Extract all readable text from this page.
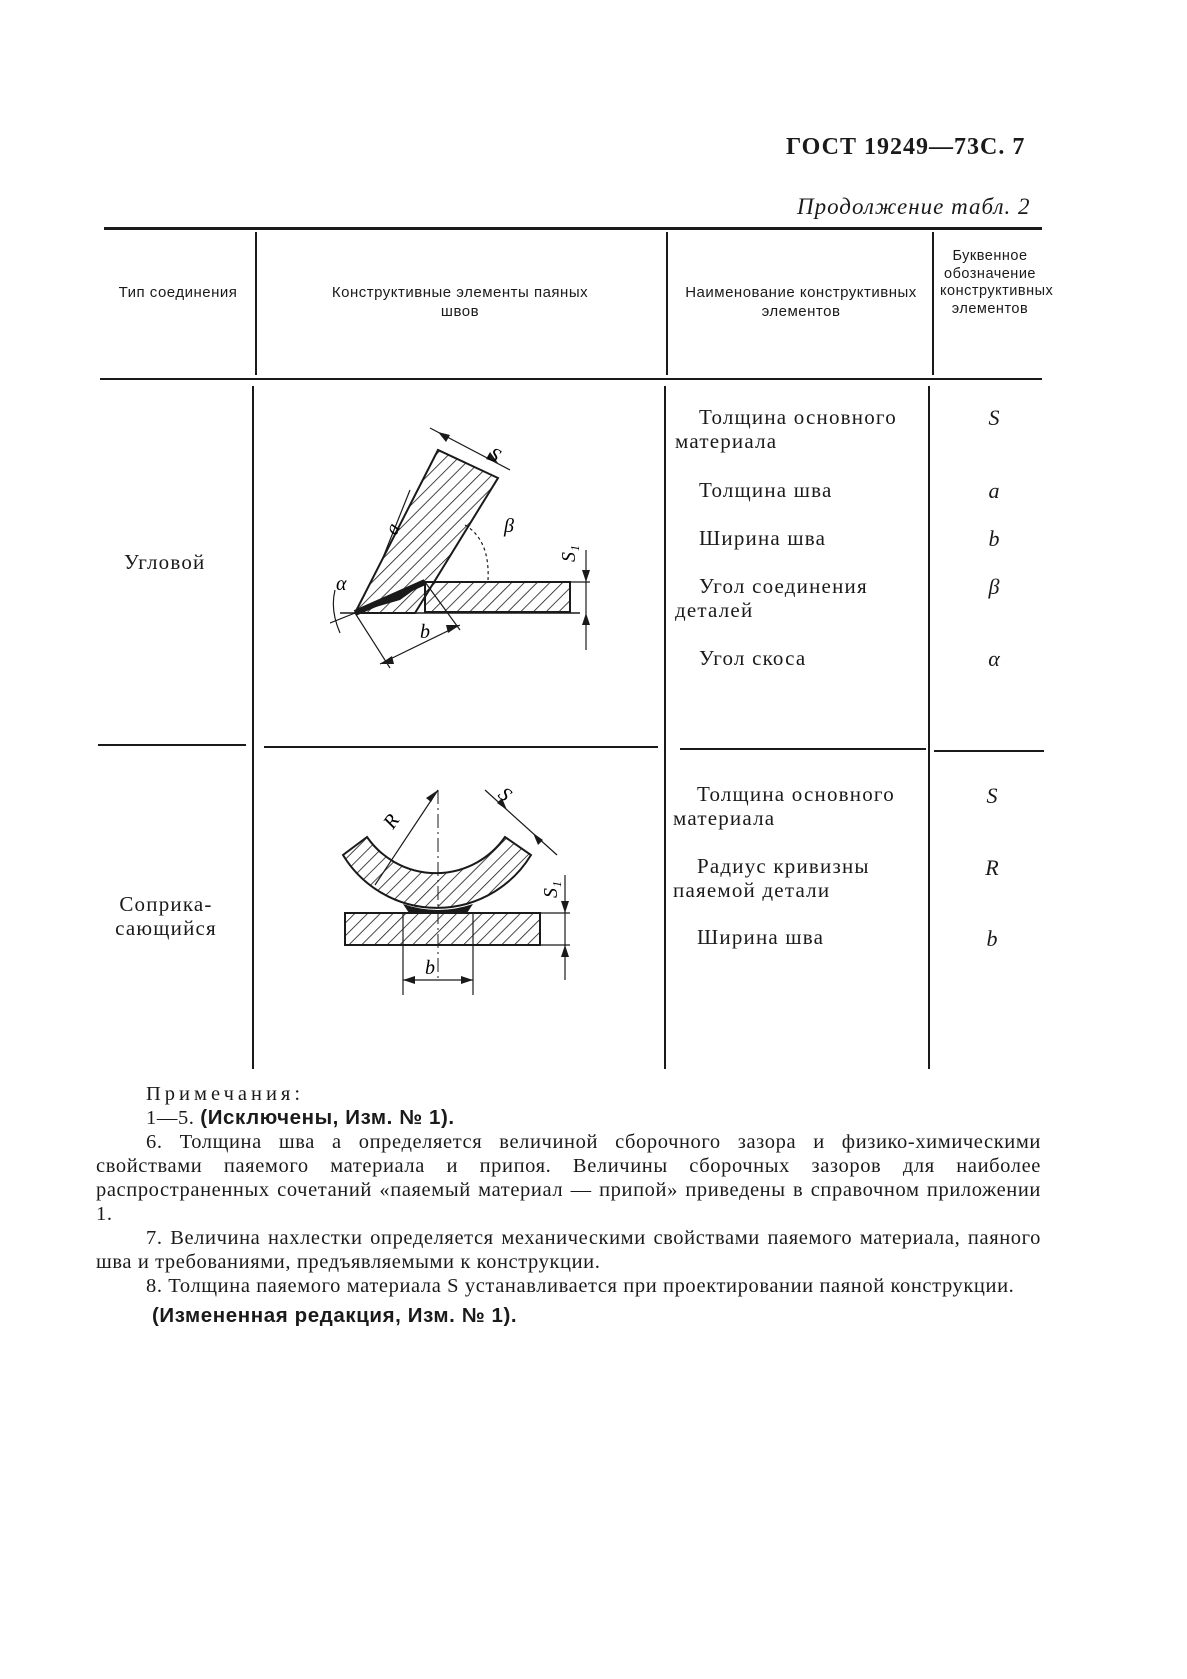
ГОСТ 19249—73 С. 7
Продолжение табл. 2
Тип соединения	Конструктивные элементы паяных швов
Наименование конструктивных элементов
Буквенное обозначение конструктивных элементов
Угловой
Толщина основного материала
Толщина шва
Ширина шва
Угол соединения деталей
Угол скоса
S
a
b
β
α
S
a	β
S₁
α
b
Соприка-сающийся
Толщина основного материала
Радиус кривизны паяемой детали
Ширина шва
S
R
b
R
S
S₁
b

Примечания:

1—5. (Исключены, Изм. № 1).

6. Толщина шва a определяется величиной сборочного зазора и физико-химическими свойствами паяемого материала и припоя. Величины сборочных зазоров для наиболее распространенных сочетаний «паяемый материал — припой» приведены в справочном приложении 1.

7. Величина нахлестки определяется механическими свойствами паяемого материала, паяного шва и требованиями, предъявляемыми к конструкции.

8. Толщина паяемого материала S устанавливается при проектировании паяной конструкции.

(Измененная редакция, Изм. № 1).
